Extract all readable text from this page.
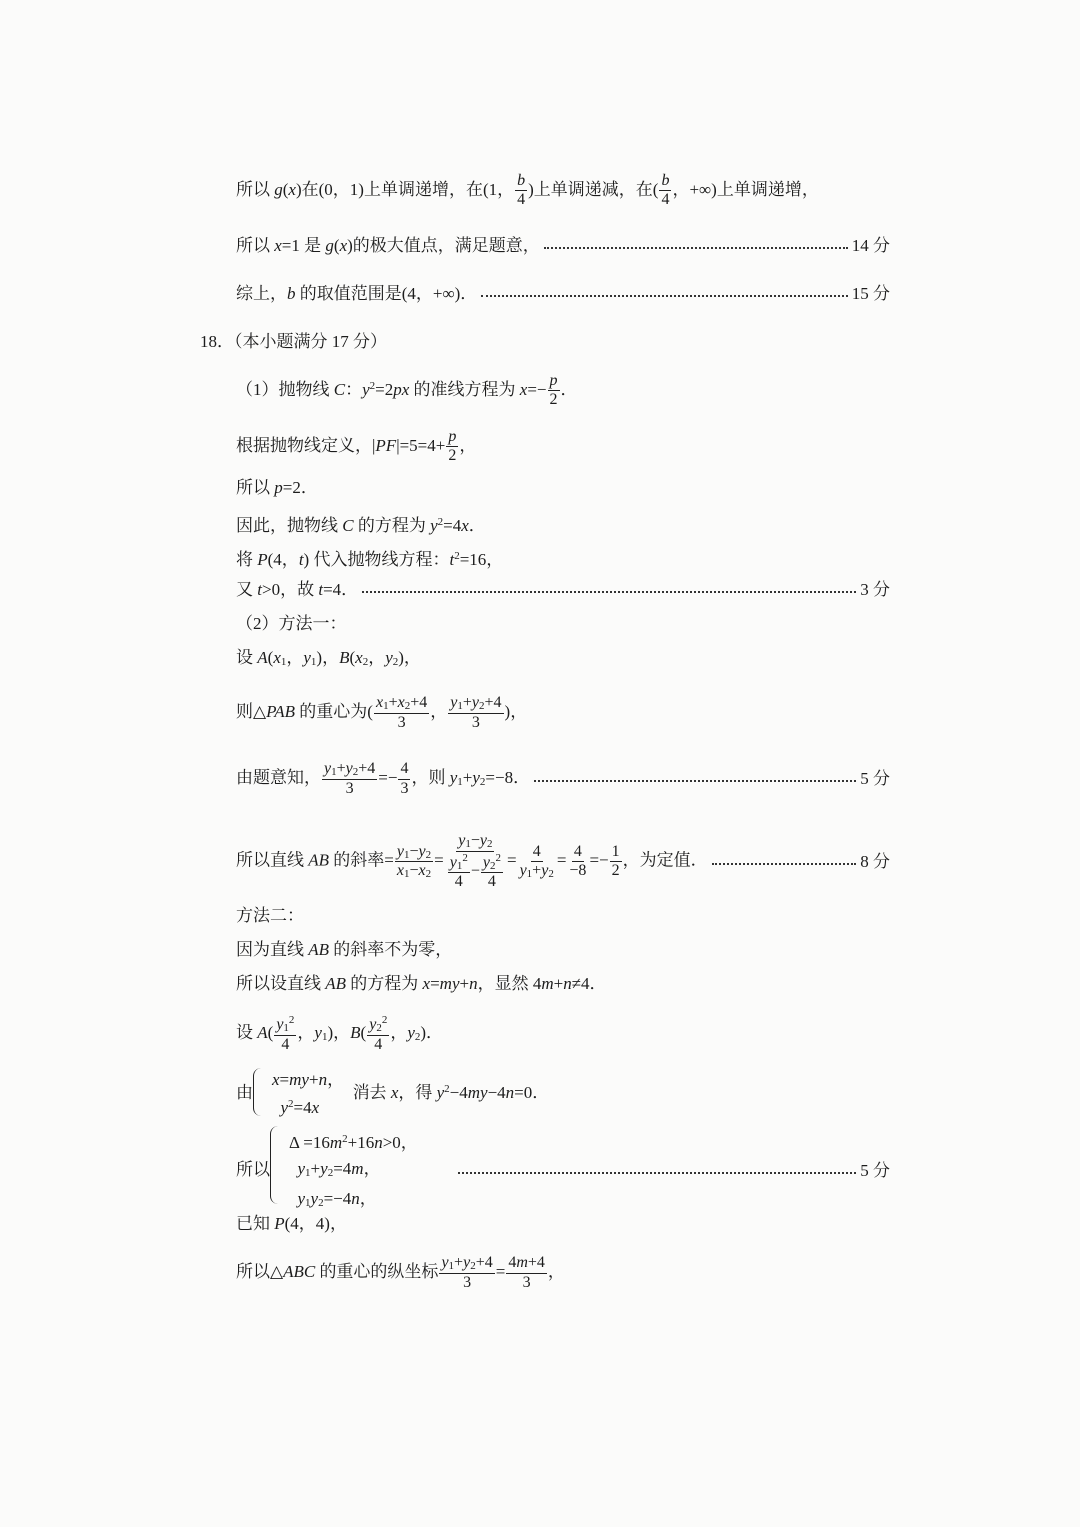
所以 g(x)在(0，1)上单调递增，在(1， $\frac{b}{4}$ )上单调递减，在( $\frac{b}{4}$ ，+∞)上单调递增，
所以 x=1 是 g(x)的极大值点，满足题意，	14 分
综上，b 的取值范围是(4，+∞)．	15 分
18．（本小题满分 17 分）
（1）抛物线 C：$y^2=2px$ 的准线方程为 $x=- \frac{p}{2}$ ．
根据抛物线定义，$|PF|=5=4+ \frac{p}{2}$ ，
所以 p=2．
因此，抛物线 C 的方程为 $y^2=4x$．
将 P(4，t) 代入抛物线方程：$t^2=16$，
又 t>0，故 t=4．	3 分
（2）方法一：
设 $A(x_1$，$y_1$)，$B(x_2$，$y_2$)，
则△PAB 的重心为( $\frac{x_1+x_2+4}{3}$ ， $\frac{y_1+y_2+4}{3}$ )，
由题意知， $\frac{y_1+y_2+4}{3} =- \frac{4}{3}$ ，则 $y_1+y_2=-8$．	5 分
所以直线 AB 的斜率= $\frac{y_1-y_2}{x_1-x_2} = \frac{y_1-y_2}{\frac{y_1^2}{4} - \frac{y_2^2}{4}} = \frac{4}{y_1+y_2} = \frac{4}{-8} =- \frac{1}{2}$ ，为定值．	8 分
方法二：
因为直线 AB 的斜率不为零，
所以设直线 AB 的方程为 x=my+n，显然 4m+n≠4．
设 $A( \frac{y_1^2}{4}$ ，$y_1$)，$B( \frac{y_2^2}{4}$ ，$y_2$)．
由
x=my+n，
$y^2=4x$
消去 x，得 $y^2-4my-4n=0$．
所以
$\Delta =16m^2+16n>0$，
$y_1+y_2=4m$，
$y_1y_2=-4n$，
5 分
已知 P(4，4)，
所以△ABC 的重心的纵坐标 $\frac{y_1+y_2+4}{3} = \frac{4m+4}{3}$ ，
